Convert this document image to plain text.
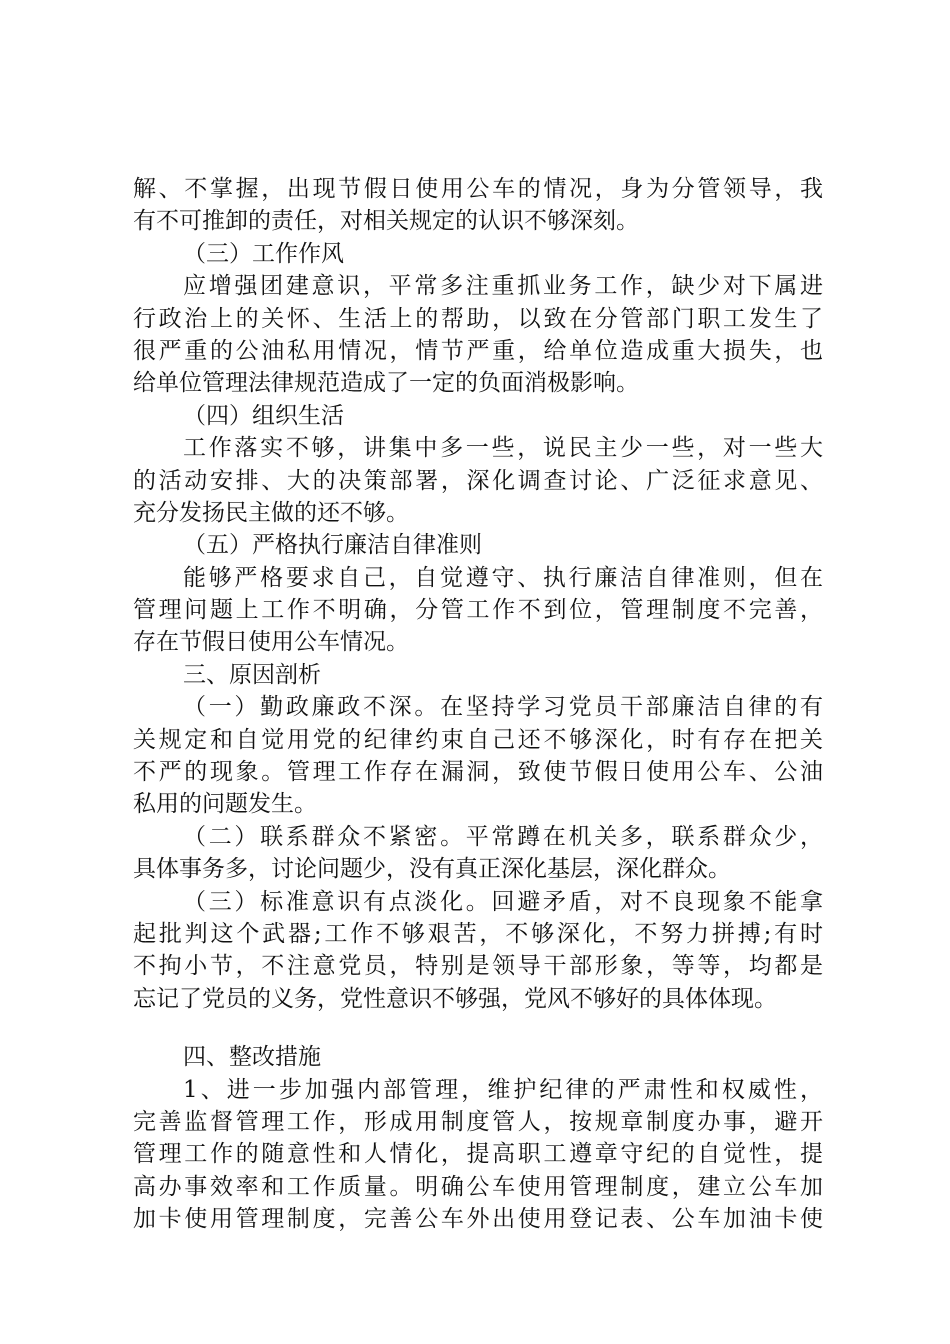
解、不掌握，出现节假日使用公车的情况，身为分管领导，我
有不可推卸的责任，对相关规定的认识不够深刻。
（三）工作作风
应增强团建意识，平常多注重抓业务工作，缺少对下属进
行政治上的关怀、生活上的帮助，以致在分管部门职工发生了
很严重的公油私用情况，情节严重，给单位造成重大损失，也
给单位管理法律规范造成了一定的负面消极影响。
（四）组织生活
工作落实不够，讲集中多一些，说民主少一些，对一些大
的活动安排、大的决策部署，深化调查讨论、广泛征求意见、
充分发扬民主做的还不够。
（五）严格执行廉洁自律准则
能够严格要求自己，自觉遵守、执行廉洁自律准则，但在
管理问题上工作不明确，分管工作不到位，管理制度不完善，
存在节假日使用公车情况。
三、原因剖析
（一）勤政廉政不深。在坚持学习党员干部廉洁自律的有
关规定和自觉用党的纪律约束自己还不够深化，时有存在把关
不严的现象。管理工作存在漏洞，致使节假日使用公车、公油
私用的问题发生。
（二）联系群众不紧密。平常蹲在机关多，联系群众少，
具体事务多，讨论问题少，没有真正深化基层，深化群众。
（三）标准意识有点淡化。回避矛盾，对不良现象不能拿
起批判这个武器;工作不够艰苦，不够深化，不努力拼搏;有时
不拘小节，不注意党员，特别是领导干部形象，等等，均都是
忘记了党员的义务，党性意识不够强，党风不够好的具体体现。
四、整改措施
1、进一步加强内部管理，维护纪律的严肃性和权威性，
完善监督管理工作，形成用制度管人，按规章制度办事，避开
管理工作的随意性和人情化，提高职工遵章守纪的自觉性，提
高办事效率和工作质量。明确公车使用管理制度，建立公车加
加卡使用管理制度，完善公车外出使用登记表、公车加油卡使
